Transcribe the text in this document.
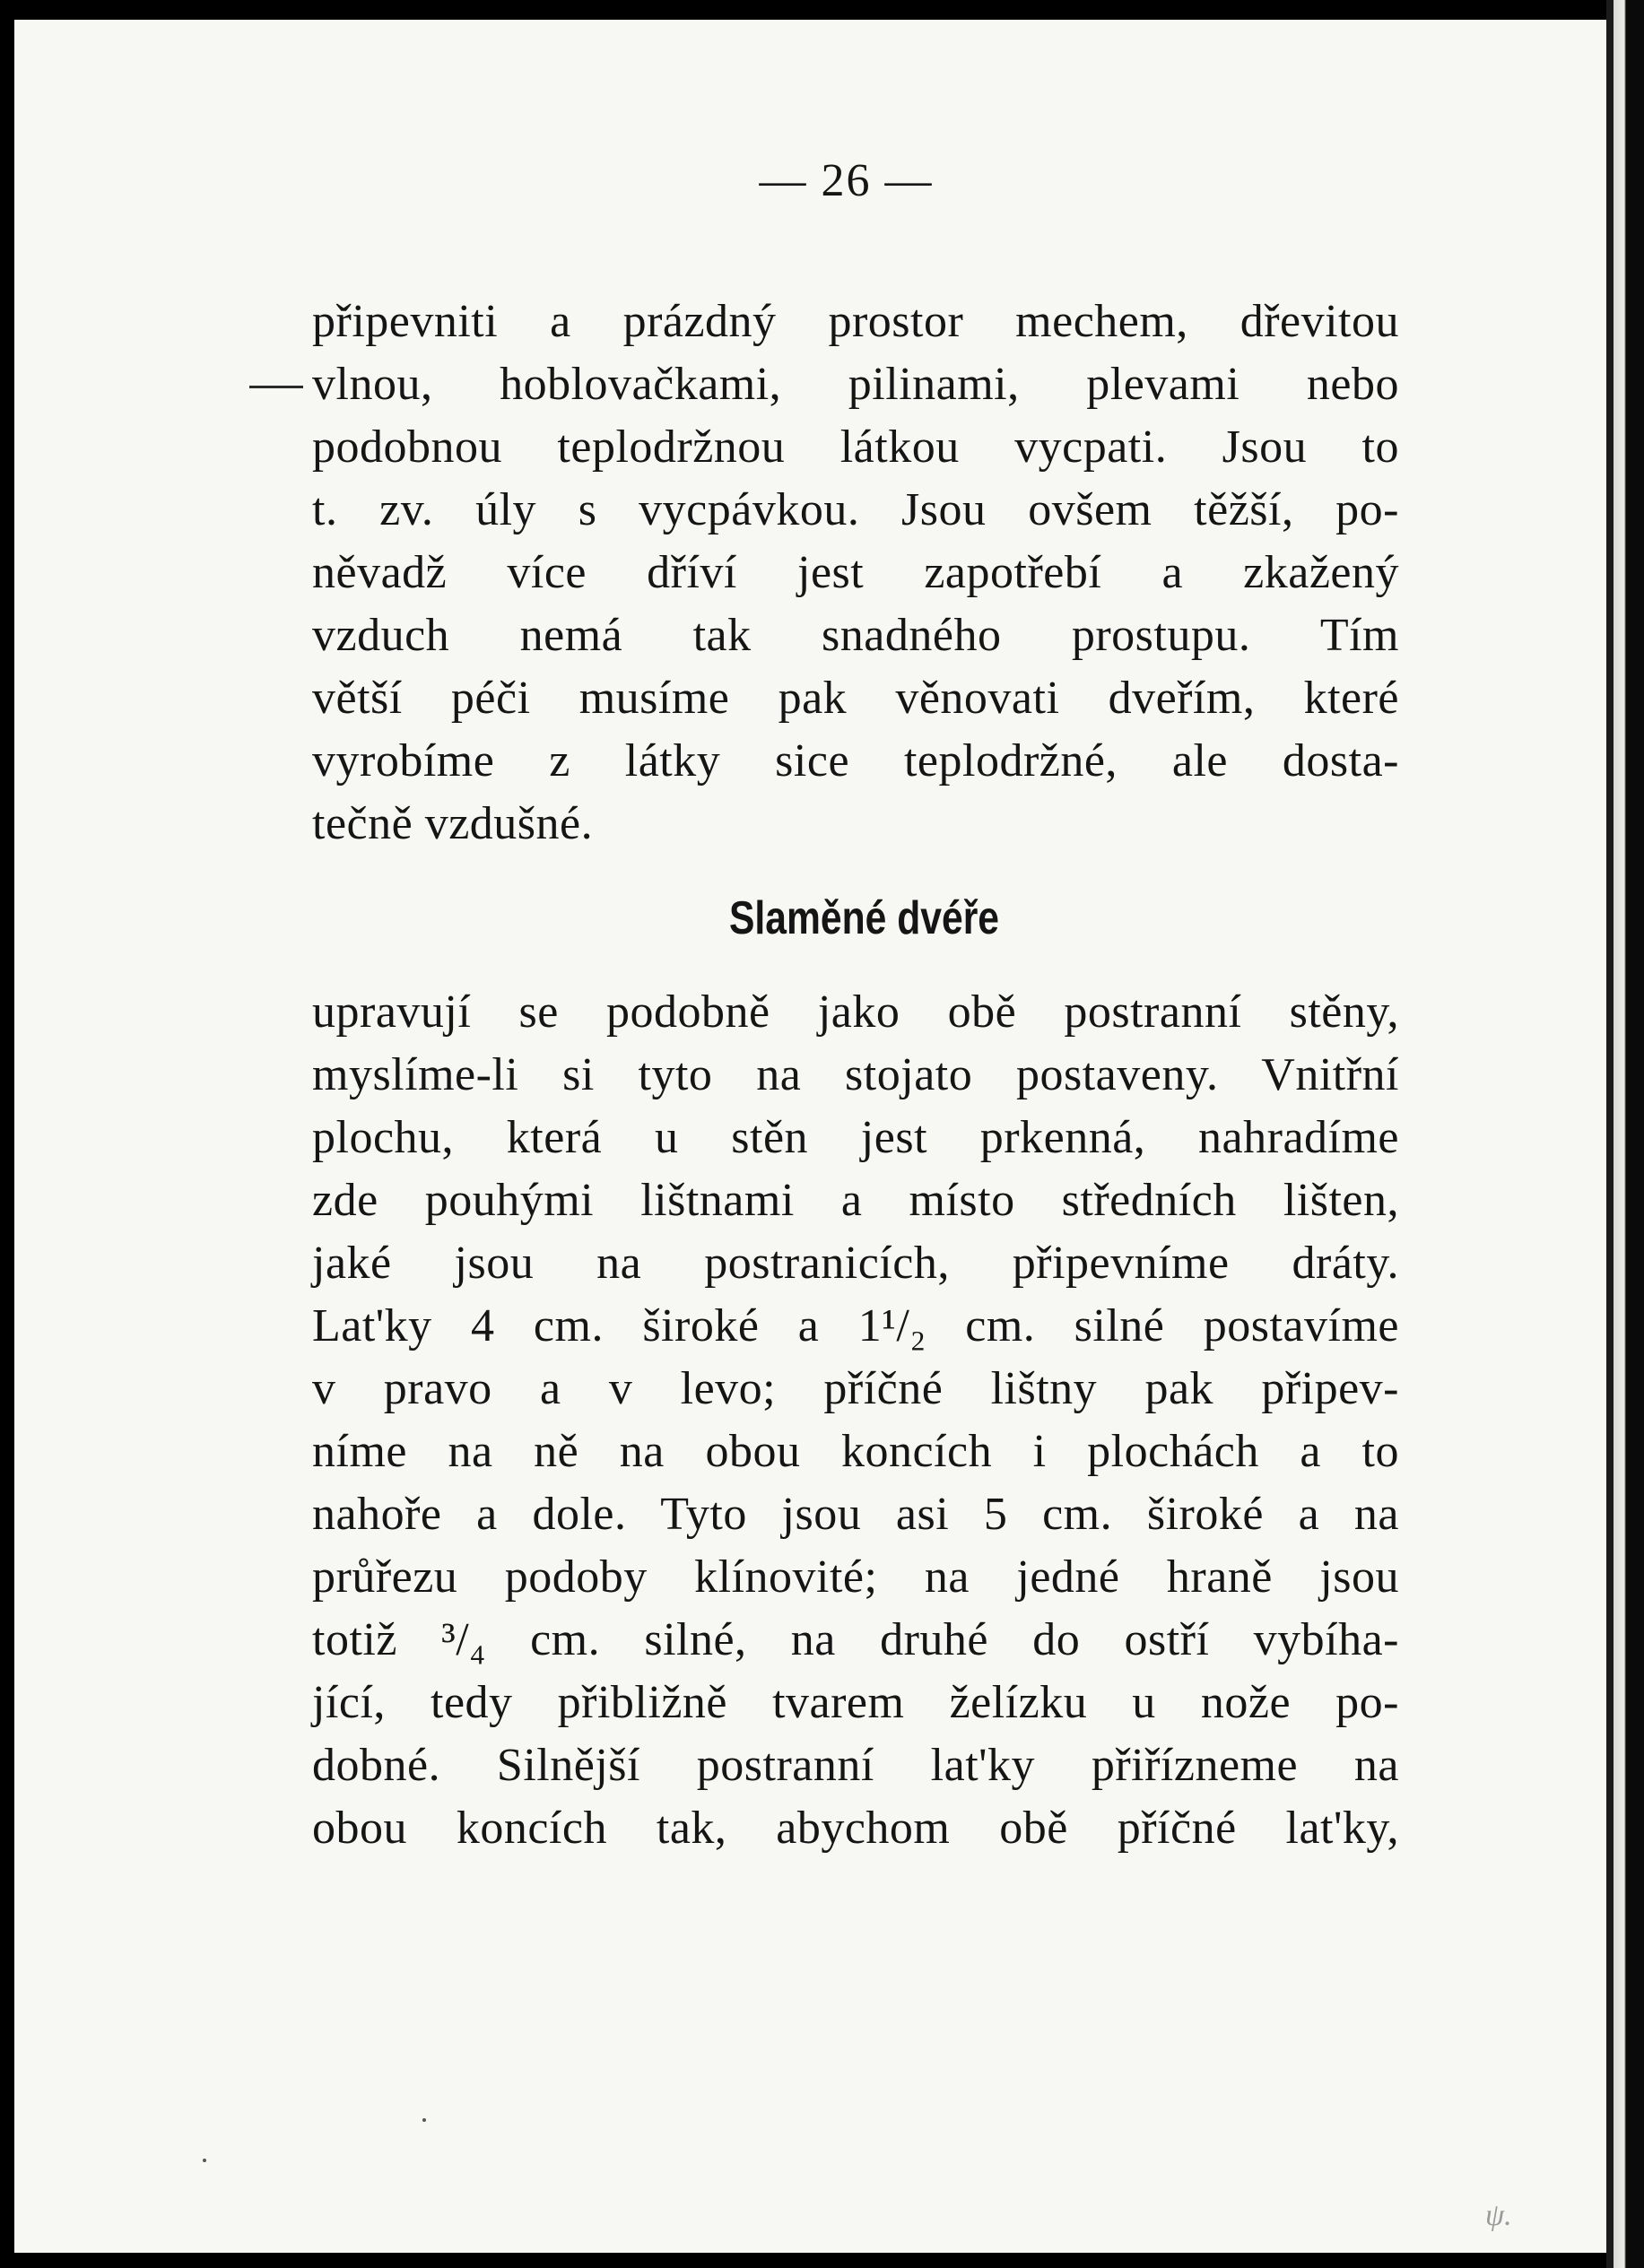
— 26 —
připevniti a prázdný prostor mechem, dřevitou
vlnou, hoblovačkami, pilinami, plevami nebo
podobnou teplodržnou látkou vycpati. Jsou to
t. zv. úly s vycpávkou. Jsou ovšem těžší, po-
něvadž více dříví jest zapotřebí a zkažený
vzduch nemá tak snadného prostupu. Tím
větší péči musíme pak věnovati dveřím, které
vyrobíme z látky sice teplodržné, ale dosta-
tečně vzdušné.
Slaměné dvéře
upravují se podobně jako obě postranní stěny,
myslíme-li si tyto na stojato postaveny. Vnitřní
plochu, která u stěn jest prkenná, nahradíme
zde pouhými lištnami a místo středních lišten,
jaké jsou na postranicích, připevníme dráty.
Lat'ky 4 cm. široké a 1¹/₂ cm. silné postavíme
v pravo a v levo; příčné lištny pak připev-
níme na ně na obou koncích i plochách a to
nahoře a dole. Tyto jsou asi 5 cm. široké a na
průřezu podoby klínovité; na jedné hraně jsou
totiž ³/₄ cm. silné, na druhé do ostří vybíha-
jící, tedy přibližně tvarem želízku u nože po-
dobné. Silnější postranní lat'ky přiřízneme na
obou koncích tak, abychom obě příčné lat'ky,
ψ.
